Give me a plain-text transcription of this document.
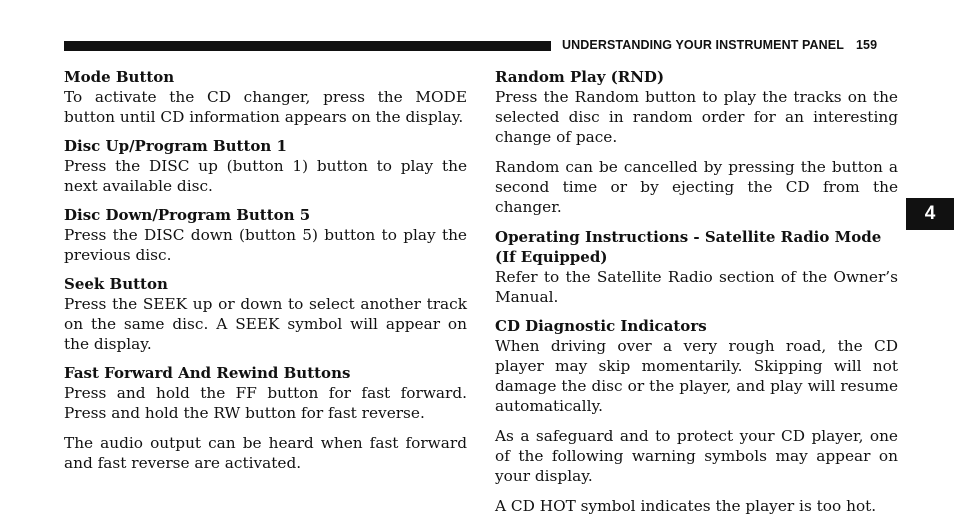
UNDERSTANDING YOUR INSTRUMENT PANEL 159
4

Mode Button

To activate the CD changer, press the MODE button until CD information appears on the display.

Disc Up/Program Button 1

Press the DISC up (button 1) button to play the next available disc.

Disc Down/Program Button 5

Press the DISC down (button 5) button to play the previous disc.

Seek Button

Press the SEEK up or down to select another track on the same disc. A SEEK symbol will appear on the display.

Fast Forward And Rewind Buttons

Press and hold the FF button for fast forward. Press and hold the RW button for fast reverse.

The audio output can be heard when fast forward and fast reverse are activated.

Random Play (RND)

Press the Random button to play the tracks on the selected disc in random order for an interesting change of pace.

Random can be cancelled by pressing the button a second time or by ejecting the CD from the changer.

Operating Instructions - Satellite Radio Mode (If Equipped)

Refer to the Satellite Radio section of the Owner’s Manual.

CD Diagnostic Indicators

When driving over a very rough road, the CD player may skip momentarily. Skipping will not damage the disc or the player, and play will resume automatically.

As a safeguard and to protect your CD player, one of the following warning symbols may appear on your display.

A CD HOT symbol indicates the player is too hot.
